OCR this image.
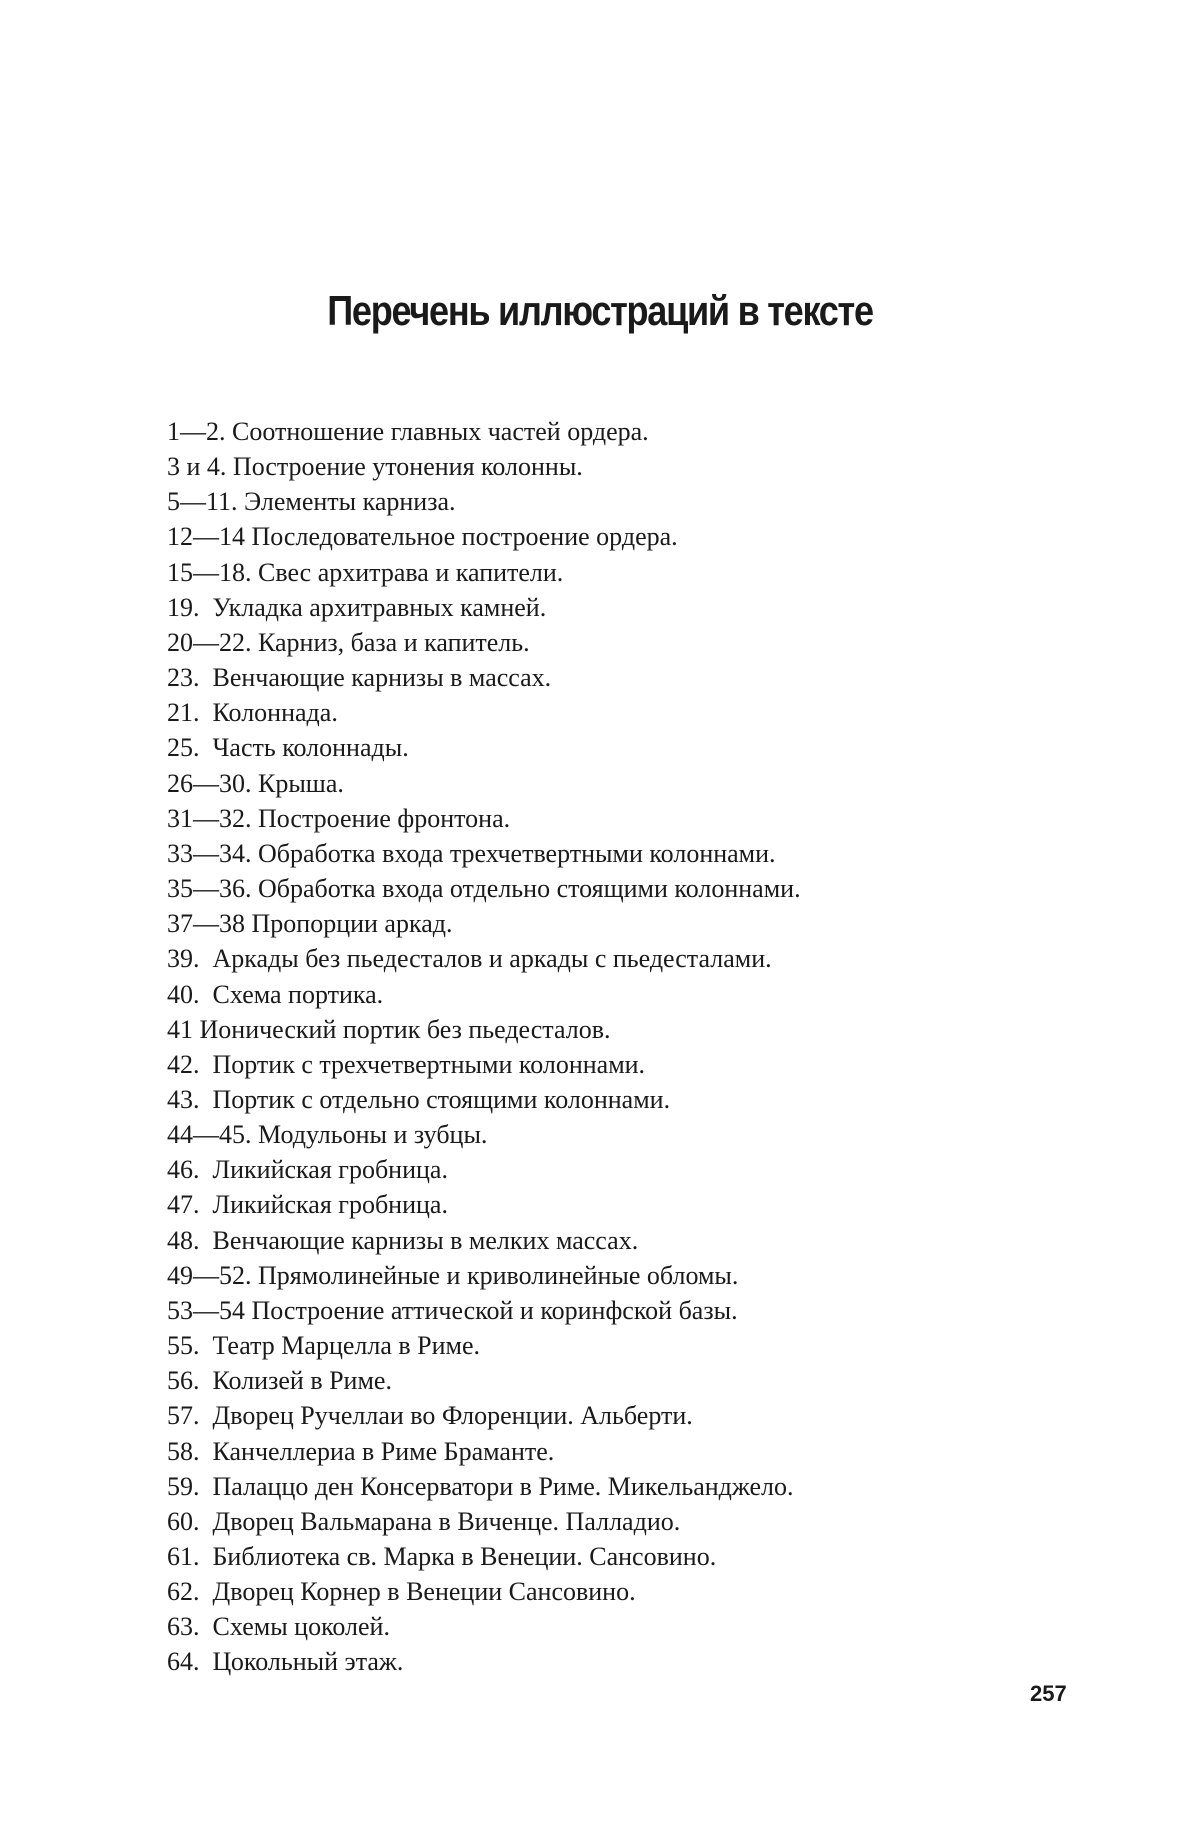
Перечень иллюстраций в тексте
1—2. Соотношение главных частей ордера.
3 и 4. Построение утонения колонны.
5—11. Элементы карниза.
12—14 Последовательное построение ордера.
15—18. Свес архитрава и капители.
19.  Укладка архитравных камней.
20—22. Карниз, база и капитель.
23.  Венчающие карнизы в массах.
21.  Колоннада.
25.  Часть колоннады.
26—30. Крыша.
31—32. Построение фронтона.
33—34. Обработка входа трехчетвертными колоннами.
35—36. Обработка входа отдельно стоящими колоннами.
37—38 Пропорции аркад.
39.  Аркады без пьедесталов и аркады с пьедесталами.
40.  Схема портика.
41 Ионический портик без пьедесталов.
42.  Портик с трехчетвертными колоннами.
43.  Портик с отдельно стоящими колоннами.
44—45. Модульоны и зубцы.
46.  Ликийская гробница.
47.  Ликийская гробница.
48.  Венчающие карнизы в мелких массах.
49—52. Прямолинейные и криволинейные обломы.
53—54 Построение аттической и коринфской базы.
55.  Театр Марцелла в Риме.
56.  Колизей в Риме.
57.  Дворец Ручеллаи во Флоренции. Альберти.
58.  Канчеллериа в Риме Браманте.
59.  Палаццо ден Консерватори в Риме. Микельанджело.
60.  Дворец Вальмарана в Виченце. Палладио.
61.  Библиотека св. Марка в Венеции. Сансовино.
62.  Дворец Корнер в Венеции Сансовино.
63.  Схемы цоколей.
64.  Цокольный этаж.
257
